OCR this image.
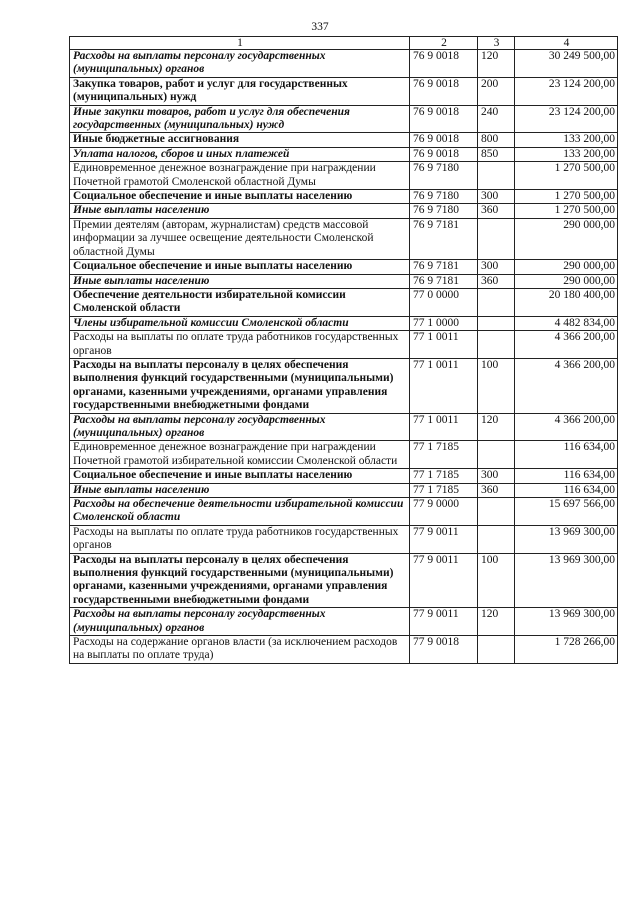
337
1	2	3	4
Расходы на выплаты персоналу государственных (муниципальных) органов	76 9 0018	120	30 249 500,00
Закупка товаров, работ и услуг для государственных (муниципальных) нужд	76 9 0018	200	23 124 200,00
Иные закупки товаров, работ и услуг для обеспечения государственных (муниципальных) нужд	76 9 0018	240	23 124 200,00
Иные бюджетные ассигнования	76 9 0018	800	133 200,00
Уплата налогов, сборов и иных платежей	76 9 0018	850	133 200,00
Единовременное денежное вознаграждение при награждении Почетной грамотой Смоленской областной Думы	76 9 7180		1 270 500,00
Социальное обеспечение и иные выплаты населению	76 9 7180	300	1 270 500,00
Иные выплаты населению	76 9 7180	360	1 270 500,00
Премии деятелям (авторам, журналистам) средств массовой информации за лучшее освещение деятельности Смоленской областной Думы	76 9 7181		290 000,00
Социальное обеспечение и иные выплаты населению	76 9 7181	300	290 000,00
Иные выплаты населению	76 9 7181	360	290 000,00
Обеспечение деятельности избирательной комиссии Смоленской области	77 0 0000		20 180 400,00
Члены избирательной комиссии Смоленской области	77 1 0000		4 482 834,00
Расходы на выплаты по оплате труда работников государственных органов	77 1 0011		4 366 200,00
Расходы на выплаты персоналу в целях обеспечения выполнения функций государственными (муниципальными) органами, казенными учреждениями, органами управления государственными внебюджетными фондами	77 1 0011	100	4 366 200,00
Расходы на выплаты персоналу государственных (муниципальных) органов	77 1 0011	120	4 366 200,00
Единовременное денежное вознаграждение при награждении Почетной грамотой избирательной комиссии Смоленской области	77 1 7185		116 634,00
Социальное обеспечение и иные выплаты населению	77 1 7185	300	116 634,00
Иные выплаты населению	77 1 7185	360	116 634,00
Расходы на обеспечение деятельности избирательной комиссии Смоленской области	77 9 0000		15 697 566,00
Расходы на выплаты по оплате труда работников государственных органов	77 9 0011		13 969 300,00
Расходы на выплаты персоналу в целях обеспечения выполнения функций государственными (муниципальными) органами, казенными учреждениями, органами управления государственными внебюджетными фондами	77 9 0011	100	13 969 300,00
Расходы на выплаты персоналу государственных (муниципальных) органов	77 9 0011	120	13 969 300,00
Расходы на содержание органов власти (за исключением расходов на выплаты по оплате труда)	77 9 0018		1 728 266,00
